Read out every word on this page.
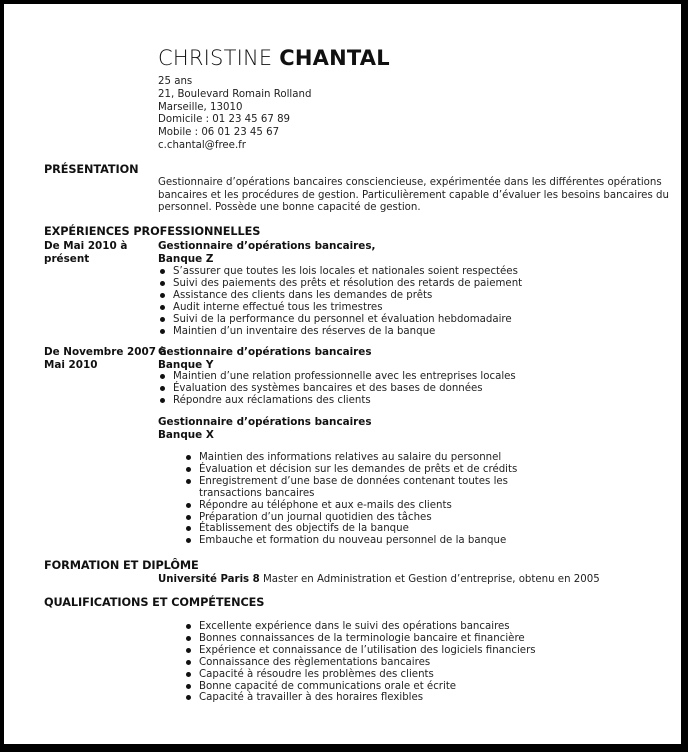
CHRISTINE CHANTAL
25 ans
21, Boulevard Romain Rolland
Marseille, 13010
Domicile : 01 23 45 67 89
Mobile : 06 01 23 45 67
c.chantal@free.fr
PRÉSENTATION
Gestionnaire d’opérations bancaires consciencieuse, expérimentée dans les différentes opérations bancaires et les procédures de gestion. Particulièrement capable d’évaluer les besoins bancaires du personnel. Possède une bonne capacité de gestion.
EXPÉRIENCES PROFESSIONNELLES
De Mai 2010 à
présent
Gestionnaire d’opérations bancaires,
Banque Z
S’assurer que toutes les lois locales et nationales soient respectées
Suivi des paiements des prêts et résolution des retards de paiement
Assistance des clients dans les demandes de prêts
Audit interne effectué tous les trimestres
Suivi de la performance du personnel et évaluation hebdomadaire
Maintien d’un inventaire des réserves de la banque
De Novembre 2007 à
Mai 2010
Gestionnaire d’opérations bancaires
Banque Y
Maintien d’une relation professionnelle avec les entreprises locales
Évaluation des systèmes bancaires et des bases de données
Répondre aux réclamations des clients
Gestionnaire d’opérations bancaires
Banque X
Maintien des informations relatives au salaire du personnel
Évaluation et décision sur les demandes de prêts et de crédits
Enregistrement d’une base de données contenant toutes les transactions bancaires
Répondre au téléphone et aux e-mails des clients
Préparation d’un journal quotidien des tâches
Établissement des objectifs de la banque
Embauche et formation du nouveau personnel de la banque
FORMATION ET DIPLÔME
Université Paris 8 Master en Administration et Gestion d’entreprise, obtenu en 2005
QUALIFICATIONS ET COMPÉTENCES
Excellente expérience dans le suivi des opérations bancaires
Bonnes connaissances de la terminologie bancaire et financière
Expérience et connaissance de l’utilisation des logiciels financiers
Connaissance des règlementations bancaires
Capacité à résoudre les problèmes des clients
Bonne capacité de communications orale et écrite
Capacité à travailler à des horaires flexibles
